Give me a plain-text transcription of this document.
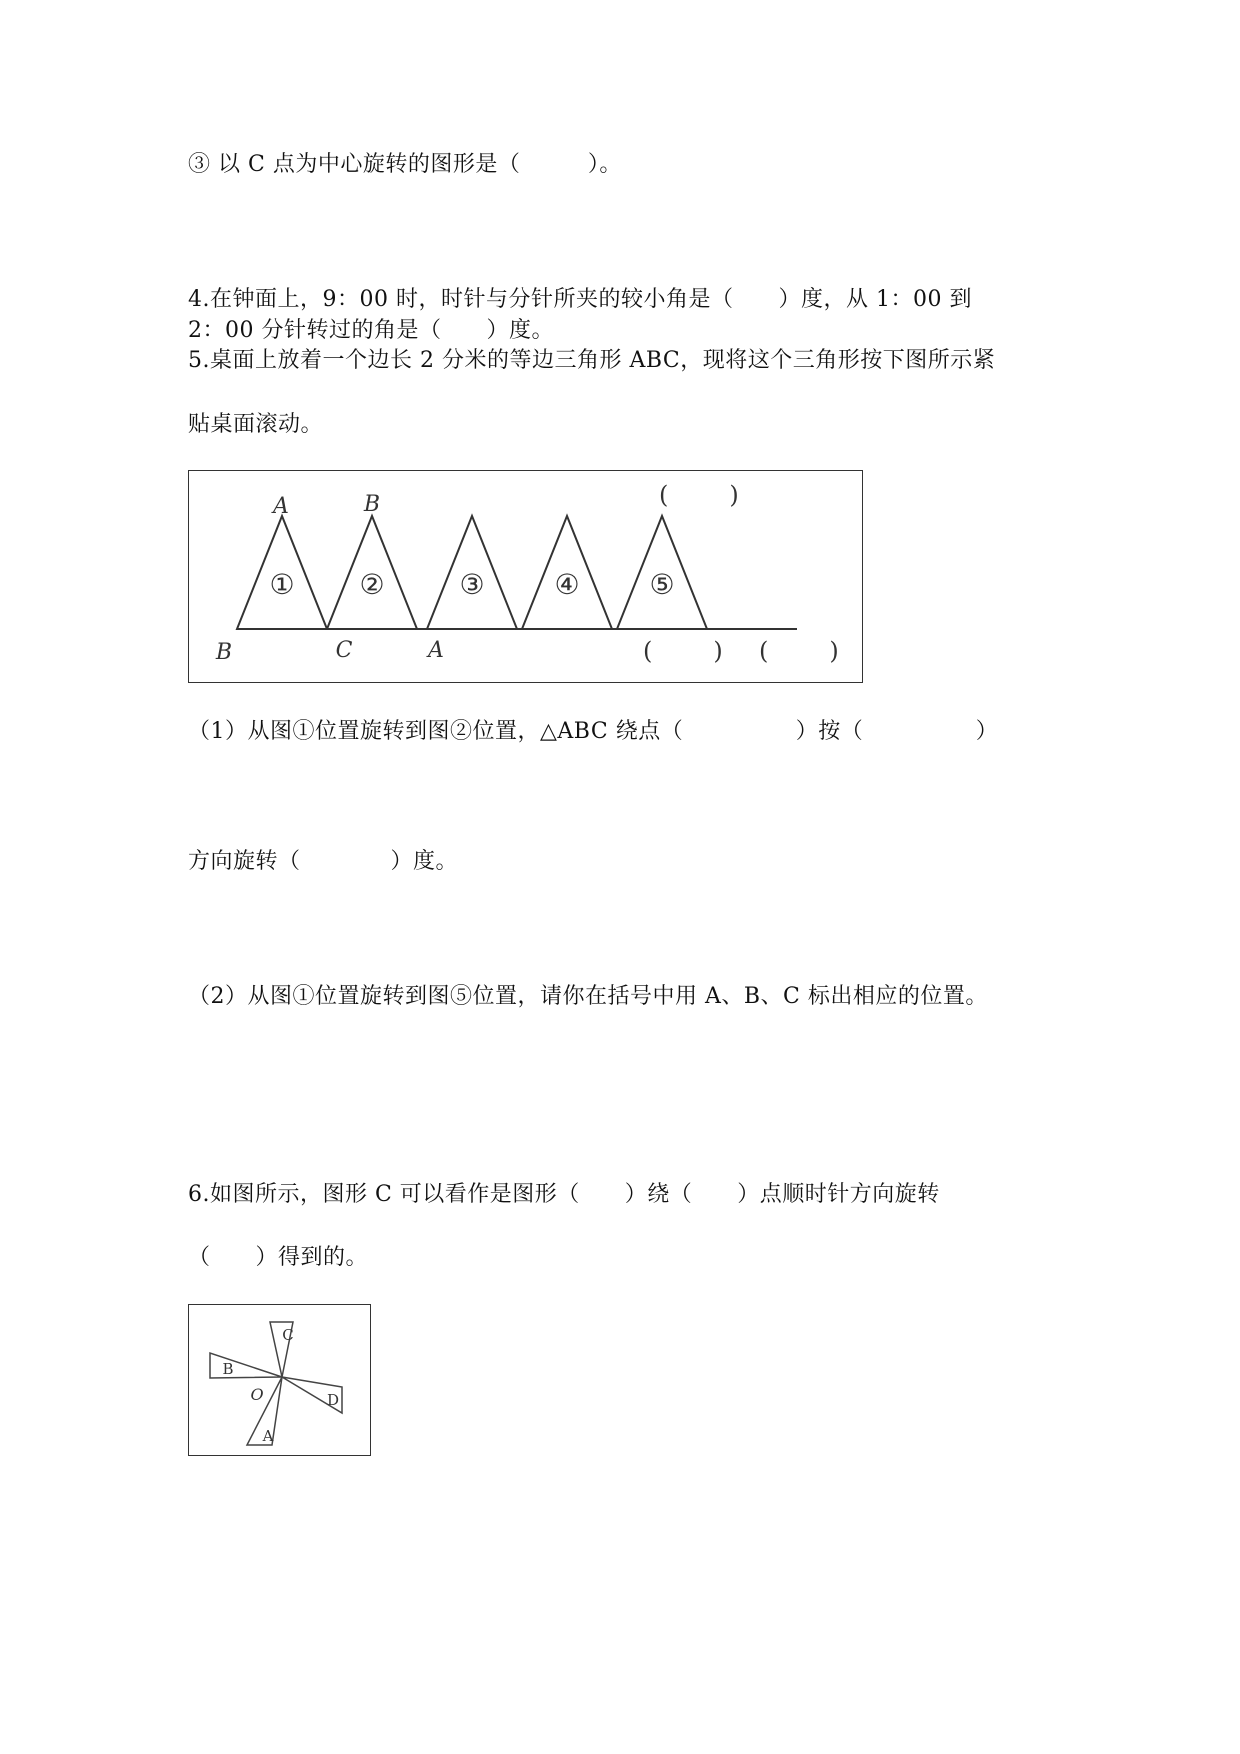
③ 以 C 点为中心旋转的图形是（　　　）。
4.在钟面上，9：00 时，时针与分针所夹的较小角是（　　）度，从 1：00 到
2：00 分针转过的角是（　　）度。
5.桌面上放着一个边长 2 分米的等边三角形 ABC，现将这个三角形按下图所示紧
贴桌面滚动。
① ②	③ ④ ⑤
A	B
B	C	A
(        )
(        ) (        )
（1）从图①位置旋转到图②位置，△ABC 绕点（　　　　　）按（　　　　　）
方向旋转（　　　　）度。
（2）从图①位置旋转到图⑤位置，请你在括号中用 A、B、C 标出相应的位置。
6.如图所示，图形 C 可以看作是图形（　　）绕（　　）点顺时针方向旋转
（　　）得到的。
C
B
D
A
O
